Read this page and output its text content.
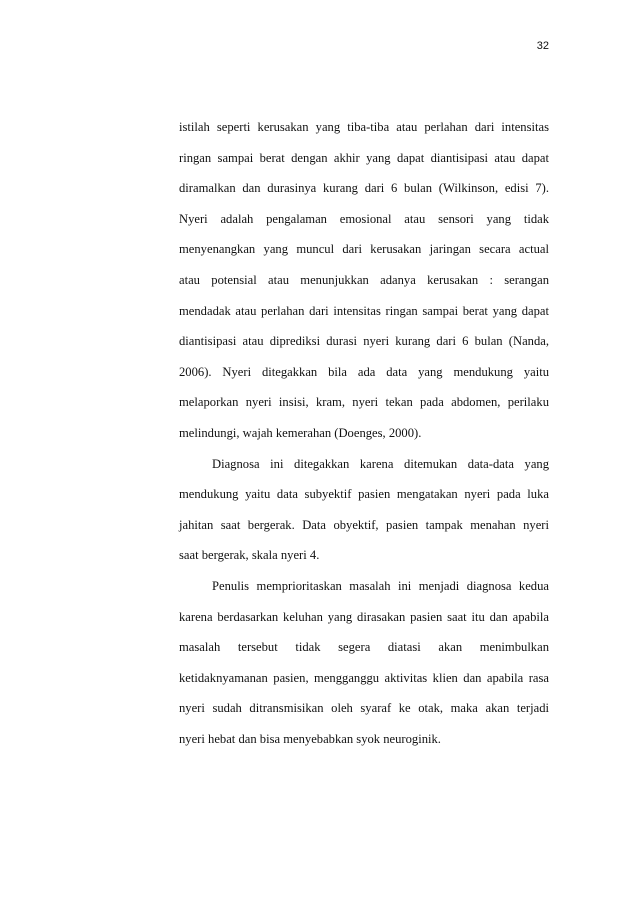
32
istilah seperti kerusakan yang tiba-tiba atau perlahan dari intensitas
ringan sampai berat dengan akhir yang dapat diantisipasi atau dapat
diramalkan dan durasinya kurang dari 6 bulan (Wilkinson, edisi 7).
Nyeri adalah pengalaman emosional atau sensori yang tidak
menyenangkan yang muncul dari kerusakan jaringan secara actual
atau potensial atau menunjukkan adanya kerusakan : serangan
mendadak atau perlahan dari intensitas ringan sampai berat yang dapat
diantisipasi atau diprediksi durasi nyeri kurang dari 6 bulan (Nanda,
2006). Nyeri ditegakkan bila ada data yang mendukung yaitu
melaporkan nyeri insisi, kram, nyeri tekan pada abdomen, perilaku
melindungi, wajah kemerahan (Doenges, 2000).
Diagnosa ini ditegakkan karena ditemukan data-data yang
mendukung yaitu data subyektif pasien mengatakan nyeri pada luka
jahitan saat bergerak. Data obyektif, pasien tampak menahan nyeri
saat bergerak, skala nyeri 4.
Penulis memprioritaskan masalah ini menjadi diagnosa kedua
karena berdasarkan keluhan yang dirasakan pasien saat itu dan apabila
masalah tersebut tidak segera diatasi akan menimbulkan
ketidaknyamanan pasien, mengganggu aktivitas klien dan apabila rasa
nyeri sudah ditransmisikan oleh syaraf ke otak, maka akan terjadi
nyeri hebat dan bisa menyebabkan syok neuroginik.
